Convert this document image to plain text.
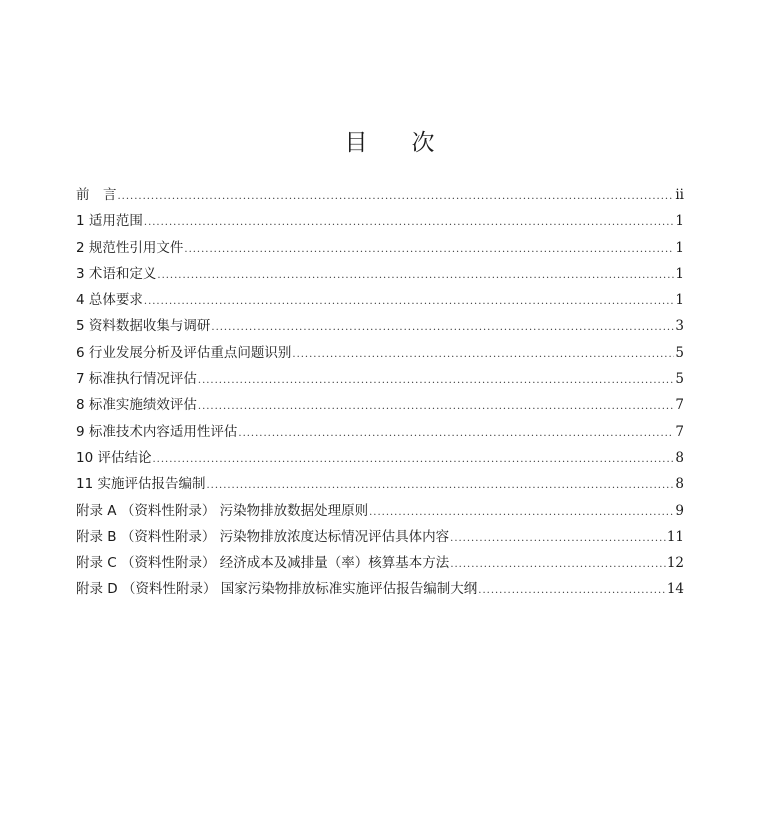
目 次
前　言 .....	ii
1 适用范围 .....	1
2 规范性引用文件 .....	1
3 术语和定义 .....	1
4 总体要求 .....	1
5 资料数据收集与调研 .....	3
6 行业发展分析及评估重点问题识别 .....	5
7 标准执行情况评估 .....	5
8 标准实施绩效评估 .....	7
9 标准技术内容适用性评估 .....	7
10 评估结论 .....	8
11 实施评估报告编制 .....	8
附录 A （资料性附录） 污染物排放数据处理原则 .....	9
附录 B （资料性附录） 污染物排放浓度达标情况评估具体内容 .....	11
附录 C （资料性附录） 经济成本及减排量（率）核算基本方法 .....	12
附录 D （资料性附录） 国家污染物排放标准实施评估报告编制大纲 .....	14
